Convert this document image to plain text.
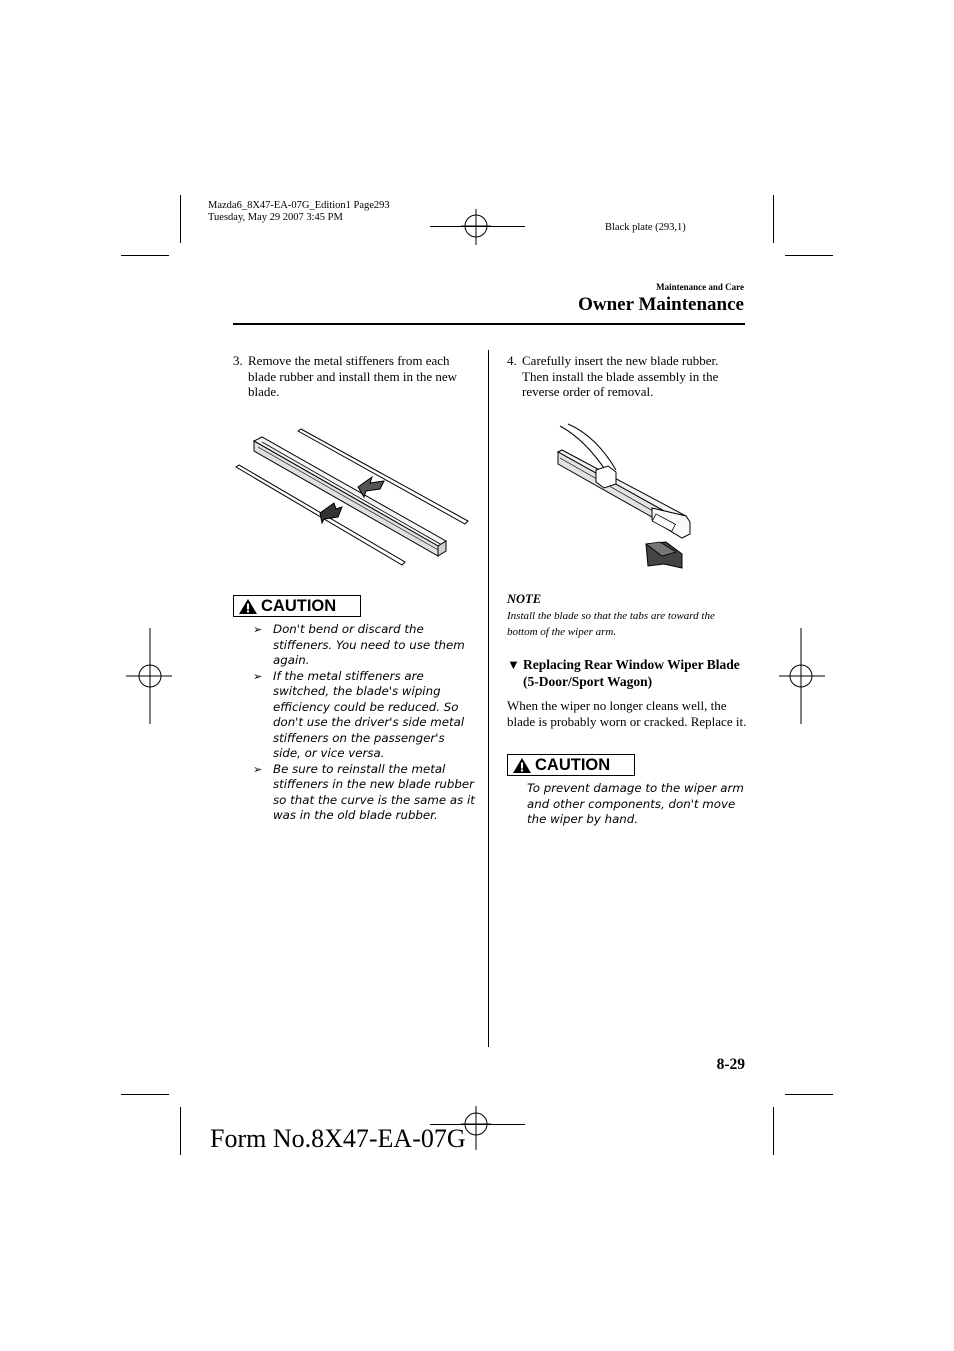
Mazda6_8X47-EA-07G_Edition1 Page293
Tuesday, May 29 2007 3:45 PM
Black plate (293,1)
Maintenance and Care
Owner Maintenance
3. Remove the metal stiffeners from each blade rubber and install them in the new blade.
CAUTION
➢ Don't bend or discard the stiffeners. You need to use them again.
➢ If the metal stiffeners are switched, the blade's wiping efficiency could be reduced. So don't use the driver's side metal stiffeners on the passenger's side, or vice versa.
➢ Be sure to reinstall the metal stiffeners in the new blade rubber so that the curve is the same as it was in the old blade rubber.
4. Carefully insert the new blade rubber. Then install the blade assembly in the reverse order of removal.
NOTE
Install the blade so that the tabs are toward the bottom of the wiper arm.
▼ Replacing Rear Window Wiper Blade (5-Door/Sport Wagon)
When the wiper no longer cleans well, the blade is probably worn or cracked. Replace it.
CAUTION
To prevent damage to the wiper arm and other components, don't move the wiper by hand.
8-29
Form No.8X47-EA-07G
